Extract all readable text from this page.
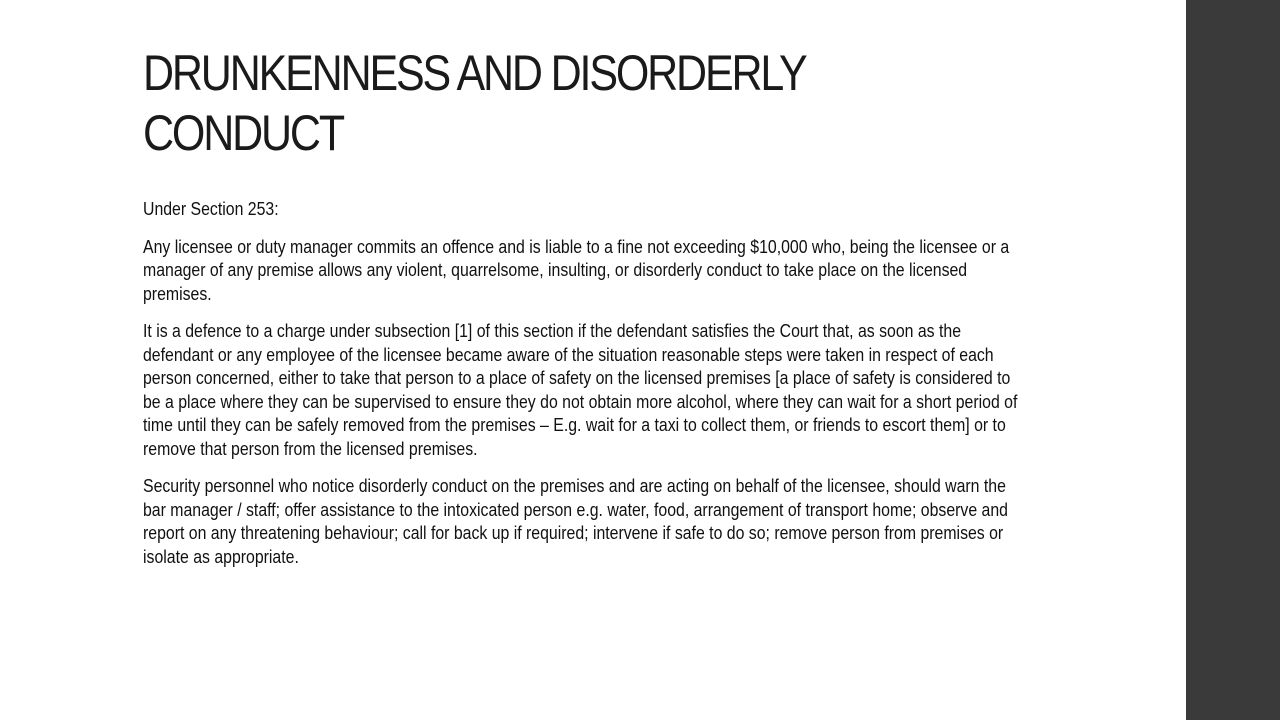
DRUNKENNESS AND DISORDERLY CONDUCT

Under Section 253:

Any licensee or duty manager commits an offence and is liable to a fine not exceeding $10,000 who, being the licensee or a manager of any premise allows any violent, quarrelsome, insulting, or disorderly conduct to take place on the licensed premises.

It is a defence to a charge under subsection [1] of this section if the defendant satisfies the Court that, as soon as the defendant or any employee of the licensee became aware of the situation reasonable steps were taken in respect of each person concerned, either to take that person to a place of safety on the licensed premises [a place of safety is considered to be a place where they can be supervised to ensure they do not obtain more alcohol, where they can wait for a short period of time until they can be safely removed from the premises – E.g. wait for a taxi to collect them, or friends to escort them] or to remove that person from the licensed premises.

Security personnel who notice disorderly conduct on the premises and are acting on behalf of the licensee, should warn the bar manager / staff; offer assistance to the intoxicated person e.g. water, food, arrangement of transport home; observe and report on any threatening behaviour; call for back up if required; intervene if safe to do so; remove person from premises or isolate as appropriate.
